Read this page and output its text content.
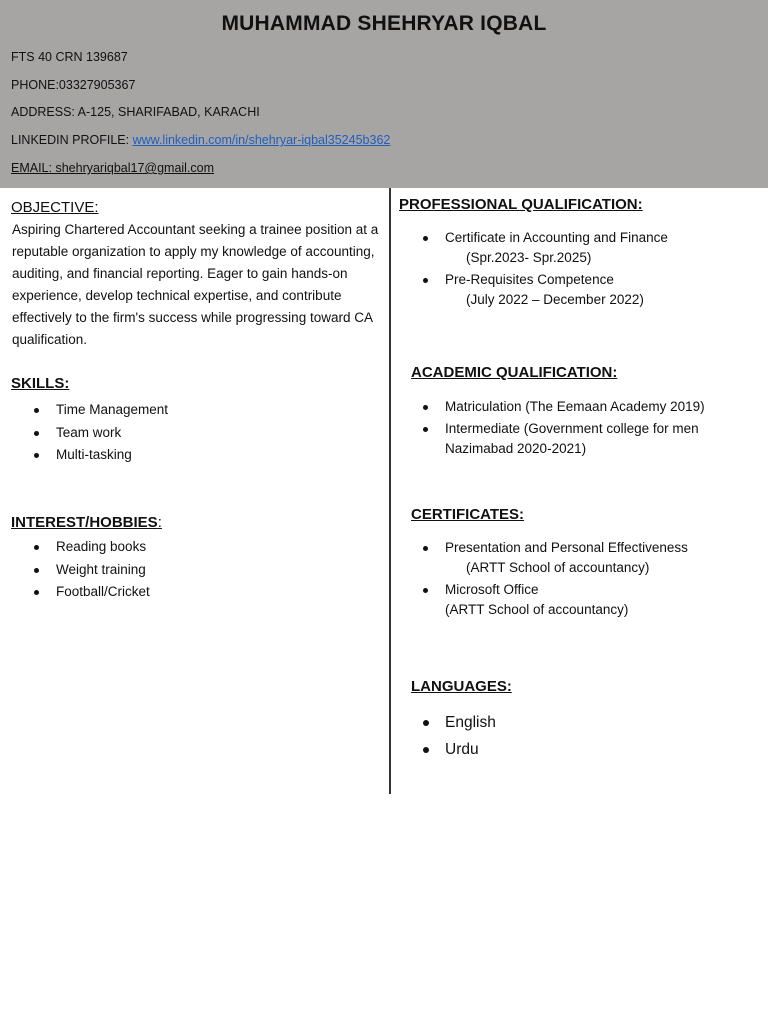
MUHAMMAD SHEHRYAR IQBAL
FTS 40 CRN 139687
PHONE:03327905367
ADDRESS: A-125, SHARIFABAD, KARACHI
LINKEDIN PROFILE: www.linkedin.com/in/shehryar-iqbal35245b362
EMAIL: shehryariqbal17@gmail.com
OBJECTIVE:
Aspiring Chartered Accountant seeking a trainee position at a reputable organization to apply my knowledge of accounting, auditing, and financial reporting. Eager to gain hands-on experience, develop technical expertise, and contribute effectively to the firm's success while progressing toward CA qualification.
SKILLS:
Time Management
Team work
Multi-tasking
INTEREST/HOBBIES:
Reading books
Weight training
Football/Cricket
PROFESSIONAL QUALIFICATION:
Certificate in Accounting and Finance
(Spr.2023- Spr.2025)
Pre-Requisites Competence
(July 2022 – December 2022)
ACADEMIC QUALIFICATION:
Matriculation (The Eemaan Academy 2019)
Intermediate (Government college for men
Nazimabad 2020-2021)
CERTIFICATES:
Presentation and Personal Effectiveness
(ARTT School of accountancy)
Microsoft Office
(ARTT School of accountancy)
LANGUAGES:
English
Urdu
